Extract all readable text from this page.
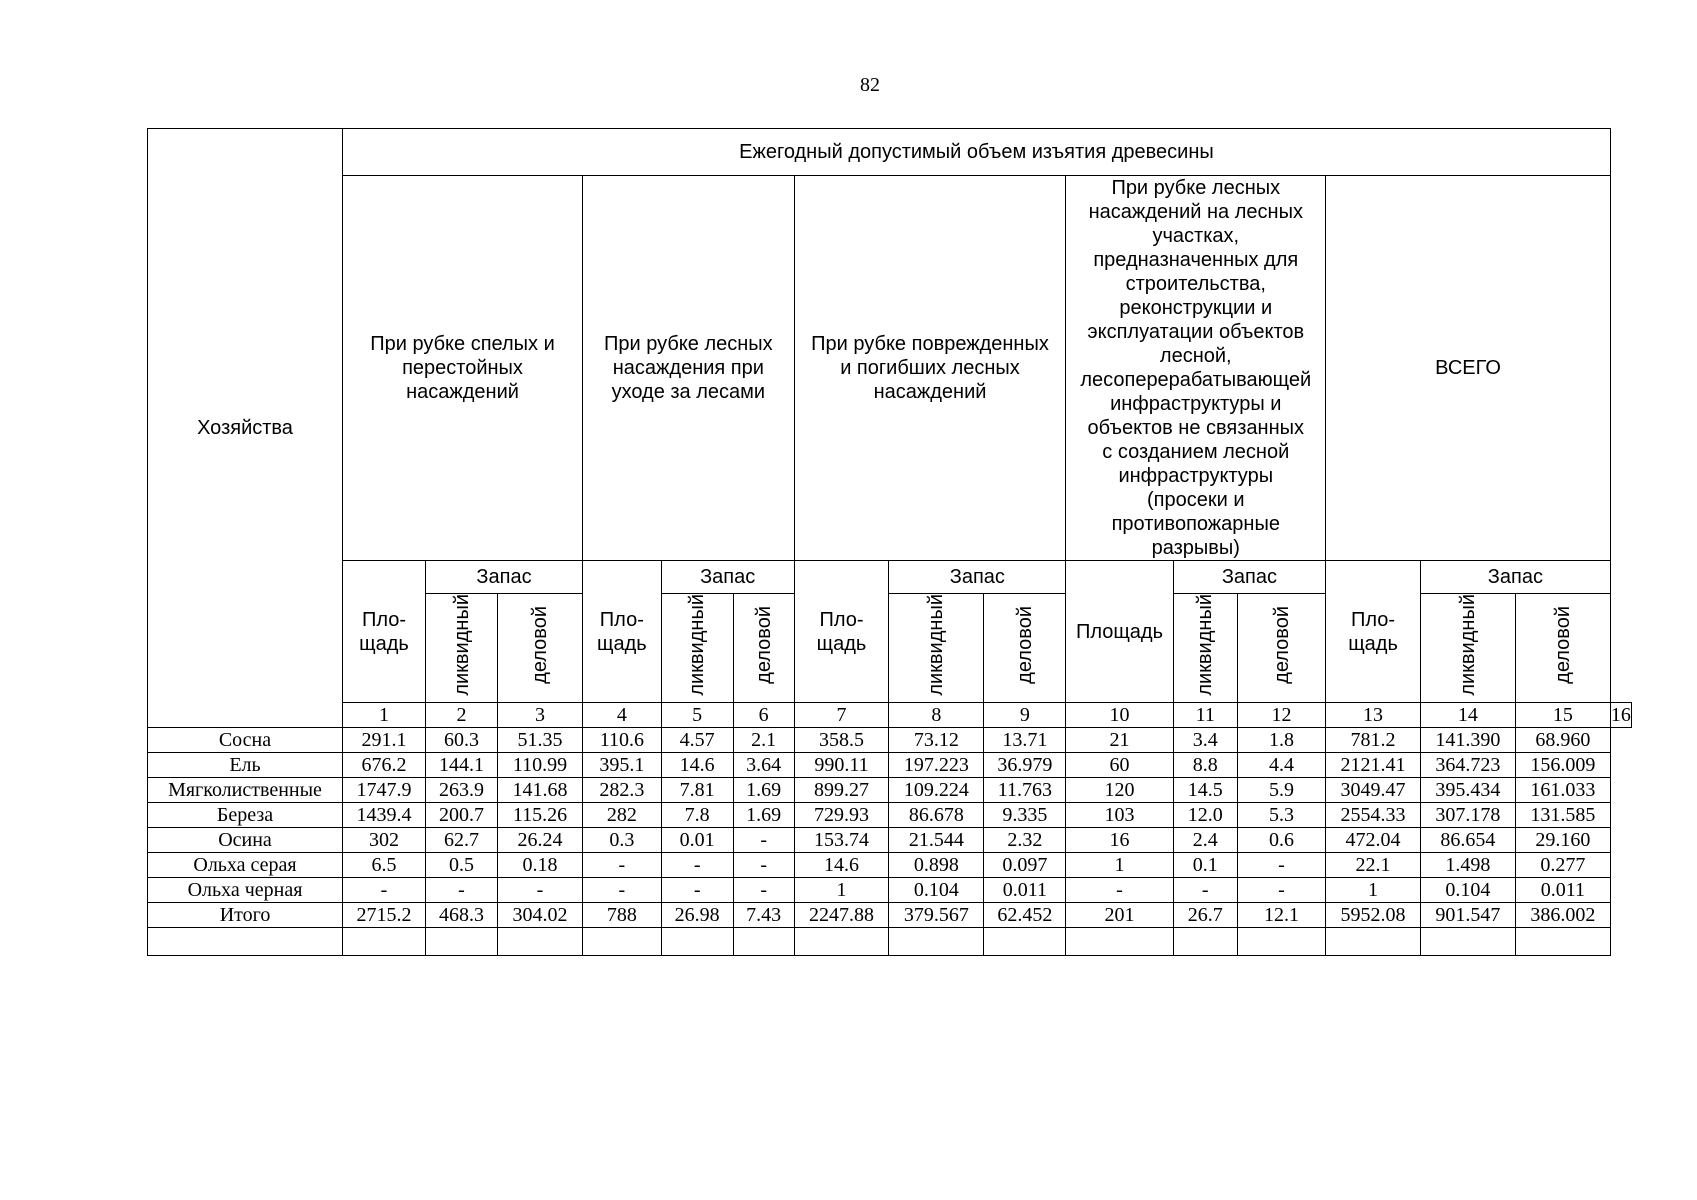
82
Хозяйства	Ежегодный допустимый объем изъятия древесины															
	При рубке спелых и перестойных насаждений			При рубке лесных насаждения при уходе за лесами			При рубке поврежденных и погибших лесных насаждений			При рубке лесных насаждений на лесных участках, предназначенных для строительства, реконструкции и эксплуатации объектов лесной, лесоперерабатывающей инфраструктуры и объектов не связанных с созданием лесной инфраструктуры (просеки и противопожарные разрывы)			ВСЕГО			
	Пло-щадь	Запас		Пло-щадь	Запас		Пло-щадь	Запас		Площадь	Запас		Пло-щадь	Запас		
		ликвидный	деловой		ликвидный	деловой		ликвидный	деловой		ликвидный	деловой		ликвидный	деловой	
	1	2	3	4	5	6	7	8	9	10	11	12	13	14	15	16
Сосна	291.1	60.3	51.35	110.6	4.57	2.1	358.5	73.12	13.71	21	3.4	1.8	781.2	141.390	68.960	
Ель	676.2	144.1	110.99	395.1	14.6	3.64	990.11	197.223	36.979	60	8.8	4.4	2121.41	364.723	156.009	
Мягколиственные	1747.9	263.9	141.68	282.3	7.81	1.69	899.27	109.224	11.763	120	14.5	5.9	3049.47	395.434	161.033	
Береза	1439.4	200.7	115.26	282	7.8	1.69	729.93	86.678	9.335	103	12.0	5.3	2554.33	307.178	131.585	
Осина	302	62.7	26.24	0.3	0.01	-	153.74	21.544	2.32	16	2.4	0.6	472.04	86.654	29.160	
Ольха серая	6.5	0.5	0.18	-	-	-	14.6	0.898	0.097	1	0.1	-	22.1	1.498	0.277	
Ольха черная	-	-	-	-	-	-	1	0.104	0.011	-	-	-	1	0.104	0.011	
Итого	2715.2	468.3	304.02	788	26.98	7.43	2247.88	379.567	62.452	201	26.7	12.1	5952.08	901.547	386.002	
